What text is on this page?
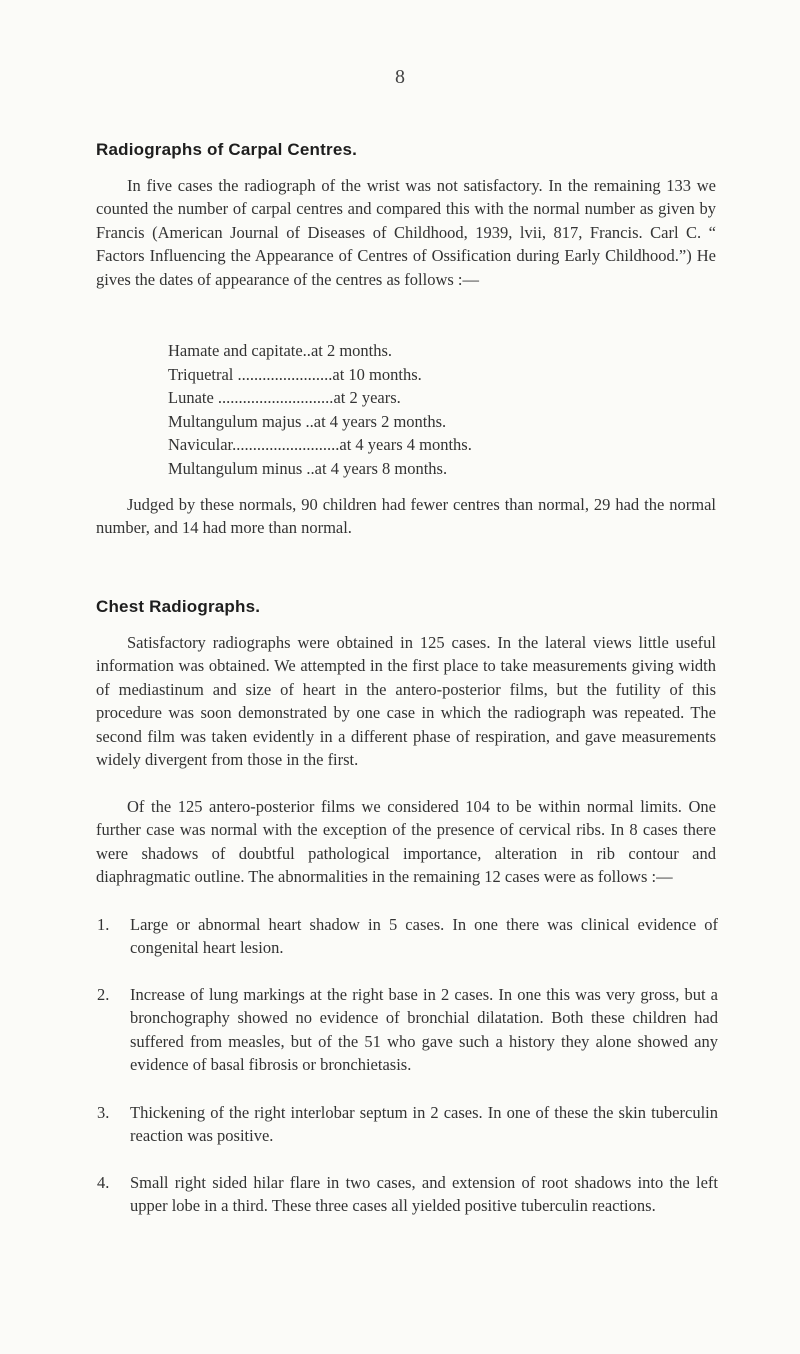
8
Radiographs of Carpal Centres.

In five cases the radiograph of the wrist was not satisfactory. In the remaining 133 we counted the number of carpal centres and compared this with the normal number as given by Francis (American Journal of Diseases of Childhood, 1939, lvii, 817, Francis. Carl C. “ Factors Influencing the Appearance of Centres of Ossification during Early Childhood.”) He gives the dates of appearance of the centres as follows :—

Hamate and capitate.. at 2 months.
Triquetral ....................... at 10 months.
Lunate ............................ at 2 years.
Multangulum majus .. at 4 years 2 months.
Navicular.......................... at 4 years 4 months.
Multangulum minus .. at 4 years 8 months.

Judged by these normals, 90 children had fewer centres than normal, 29 had the normal number, and 14 had more than normal.

Chest Radiographs.

Satisfactory radiographs were obtained in 125 cases. In the lateral views little useful information was obtained. We attempted in the first place to take measurements giving width of mediastinum and size of heart in the antero-posterior films, but the futility of this procedure was soon demonstrated by one case in which the radiograph was repeated. The second film was taken evidently in a different phase of respiration, and gave measurements widely divergent from those in the first.

Of the 125 antero-posterior films we considered 104 to be within normal limits. One further case was normal with the exception of the presence of cervical ribs. In 8 cases there were shadows of doubtful pathological importance, alteration in rib contour and diaphragmatic outline. The abnormalities in the remaining 12 cases were as follows :—

1.	Large or abnormal heart shadow in 5 cases. In one there was clinical evidence of congenital heart lesion.
2.	Increase of lung markings at the right base in 2 cases. In one this was very gross, but a bronchography showed no evidence of bronchial dilatation. Both these children had suffered from measles, but of the 51 who gave such a history they alone showed any evidence of basal fibrosis or bronchietasis.
3.	Thickening of the right interlobar septum in 2 cases. In one of these the skin tuberculin reaction was positive.
4.	Small right sided hilar flare in two cases, and extension of root shadows into the left upper lobe in a third. These three cases all yielded positive tuberculin reactions.
